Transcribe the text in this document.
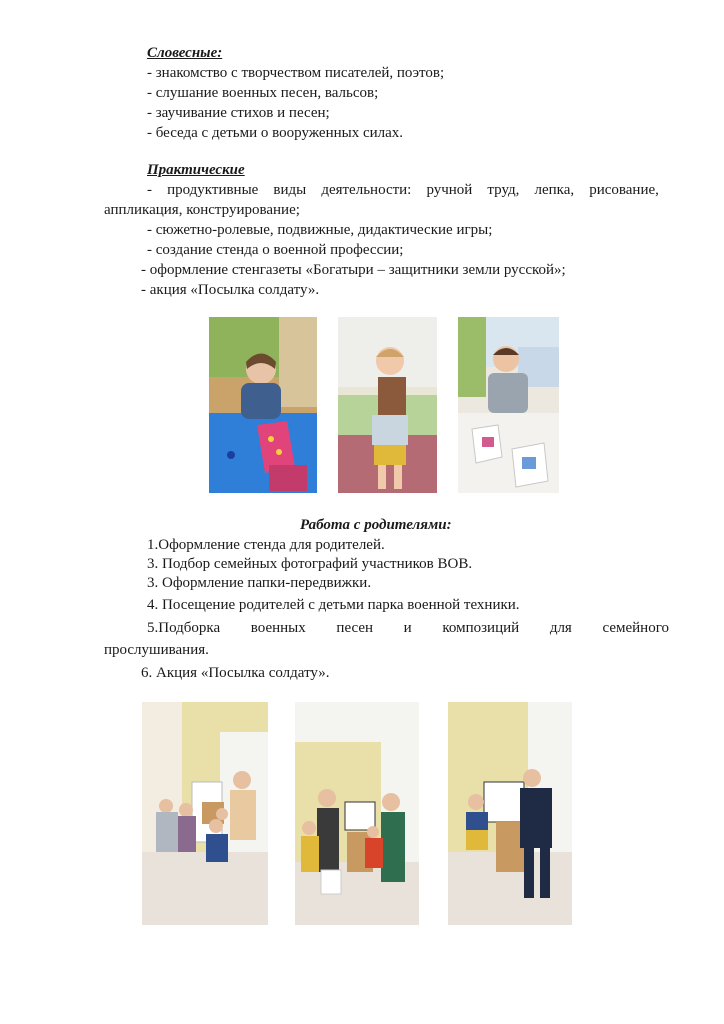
Словесные:
- знакомство с творчеством писателей, поэтов;
- слушание военных песен, вальсов;
- заучивание стихов и песен;
- беседа с детьми о вооруженных силах.
Практические
- продуктивные виды деятельности: ручной труд, лепка, рисование,
аппликация, конструирование;
- сюжетно-ролевые, подвижные, дидактические игры;
- создание стенда о военной профессии;
- оформление стенгазеты «Богатыри – защитники земли русской»;
- акция «Посылка солдату».
Работа с родителями:
1.Оформление стенда для родителей.
3. Подбор семейных фотографий участников ВОВ.
3. Оформление папки-передвижки.
4. Посещение родителей с детьми парка военной техники.
5.Подборка военных песен и композиций для семейного
прослушивания.
6. Акция «Посылка солдату».
